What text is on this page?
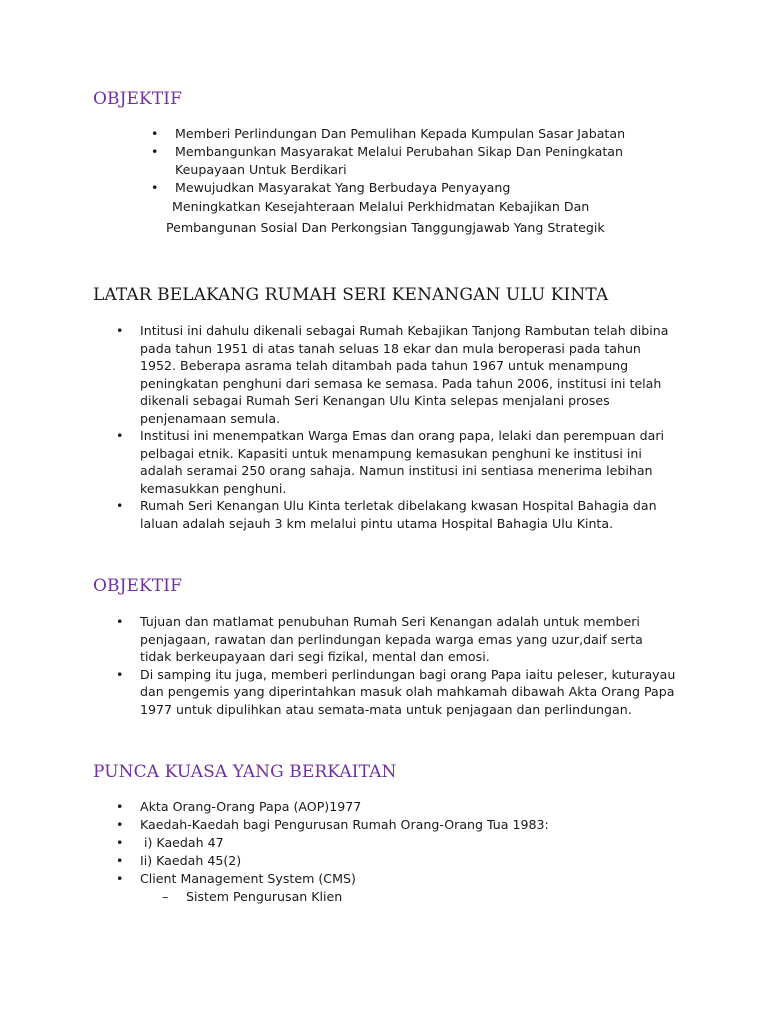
OBJEKTIF
• Memberi Perlindungan Dan Pemulihan Kepada Kumpulan Sasar Jabatan
• Membangunkan Masyarakat Melalui Perubahan Sikap Dan Peningkatan Keupayaan Untuk Berdikari
• Mewujudkan Masyarakat Yang Berbudaya Penyayang
Meningkatkan Kesejahteraan Melalui Perkhidmatan Kebajikan Dan
Pembangunan Sosial Dan Perkongsian Tanggungjawab Yang Strategik
LATAR BELAKANG RUMAH SERI KENANGAN ULU KINTA
• Intitusi ini dahulu dikenali sebagai Rumah Kebajikan Tanjong Rambutan telah dibina pada tahun 1951 di atas tanah seluas 18 ekar dan mula beroperasi pada tahun 1952. Beberapa asrama telah ditambah pada tahun 1967 untuk menampung peningkatan penghuni dari semasa ke semasa. Pada tahun 2006, institusi ini telah dikenali sebagai Rumah Seri Kenangan Ulu Kinta selepas menjalani proses penjenamaan semula.
• Institusi ini menempatkan Warga Emas dan orang papa, lelaki dan perempuan dari pelbagai etnik. Kapasiti untuk menampung kemasukan penghuni ke institusi ini adalah seramai 250 orang sahaja. Namun institusi ini sentiasa menerima lebihan kemasukkan penghuni.
• Rumah Seri Kenangan Ulu Kinta terletak dibelakang kwasan Hospital Bahagia dan laluan adalah sejauh 3 km melalui pintu utama Hospital Bahagia Ulu Kinta.
OBJEKTIF
• Tujuan dan matlamat penubuhan Rumah Seri Kenangan adalah untuk memberi penjagaan, rawatan dan perlindungan kepada warga emas yang uzur,daif serta tidak berkeupayaan dari segi fizikal, mental dan emosi.
• Di samping itu juga, memberi perlindungan bagi orang Papa iaitu peleser, kuturayau dan pengemis yang diperintahkan masuk olah mahkamah dibawah Akta Orang Papa 1977 untuk dipulihkan atau semata-mata untuk penjagaan dan perlindungan.
PUNCA KUASA YANG BERKAITAN
• Akta Orang-Orang Papa (AOP)1977
• Kaedah-Kaedah bagi Pengurusan Rumah Orang-Orang Tua 1983:
• i) Kaedah 47
• Ii) Kaedah 45(2)
• Client Management System (CMS)
– Sistem Pengurusan Klien
